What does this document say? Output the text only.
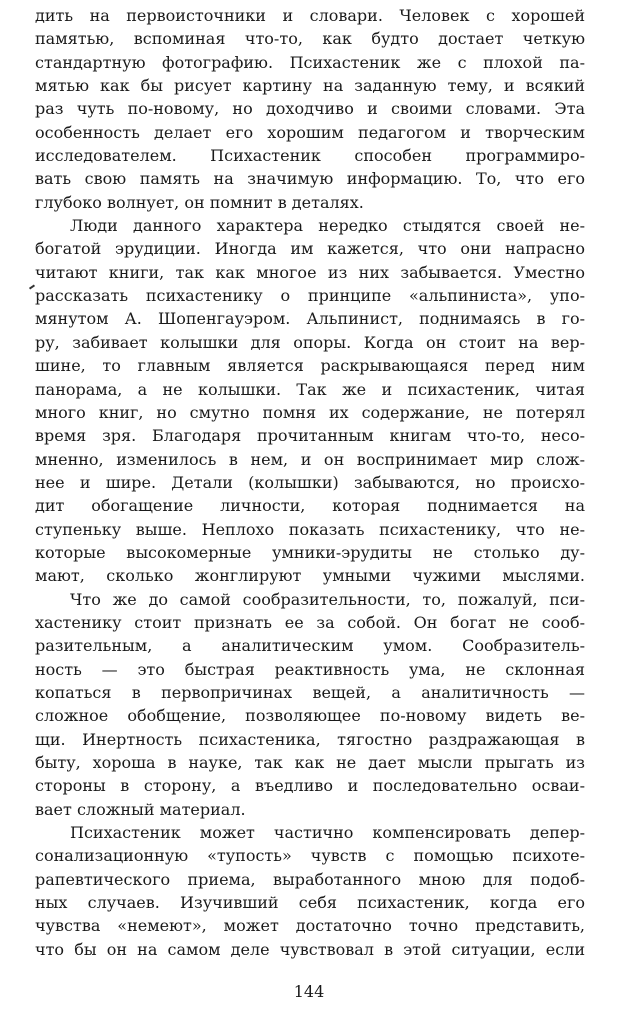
дить на первоисточники и словари. Человек с хорошей
памятью, вспоминая что-то, как будто достает четкую
стандартную фотографию. Психастеник же с плохой па-
мятью как бы рисует картину на заданную тему, и всякий
раз чуть по-новому, но доходчиво и своими словами. Эта
особенность делает его хорошим педагогом и творческим
исследователем. Психастеник способен программиро-
вать свою память на значимую информацию. То, что его
глубоко волнует, он помнит в деталях.
Люди данного характера нередко стыдятся своей не-
богатой эрудиции. Иногда им кажется, что они напрасно
читают книги, так как многое из них забывается. Уместно
рассказать психастенику о принципе «альпиниста», упо-
мянутом А. Шопенгауэром. Альпинист, поднимаясь в го-
ру, забивает колышки для опоры. Когда он стоит на вер-
шине, то главным является раскрывающаяся перед ним
панорама, а не колышки. Так же и психастеник, читая
много книг, но смутно помня их содержание, не потерял
время зря. Благодаря прочитанным книгам что-то, несо-
мненно, изменилось в нем, и он воспринимает мир слож-
нее и шире. Детали (колышки) забываются, но происхо-
дит обогащение личности, которая поднимается на
ступеньку выше. Неплохо показать психастенику, что не-
которые высокомерные умники-эрудиты не столько ду-
мают, сколько жонглируют умными чужими мыслями.
Что же до самой сообразительности, то, пожалуй, пси-
хастенику стоит признать ее за собой. Он богат не сооб-
разительным, а аналитическим умом. Сообразитель-
ность — это быстрая реактивность ума, не склонная
копаться в первопричинах вещей, а аналитичность —
сложное обобщение, позволяющее по-новому видеть ве-
щи. Инертность психастеника, тягостно раздражающая в
быту, хороша в науке, так как не дает мысли прыгать из
стороны в сторону, а въедливо и последовательно осваи-
вает сложный материал.
Психастеник может частично компенсировать депер-
сонализационную «тупость» чувств с помощью психоте-
рапевтического приема, выработанного мною для подоб-
ных случаев. Изучивший себя психастеник, когда его
чувства «немеют», может достаточно точно представить,
что бы он на самом деле чувствовал в этой ситуации, если
144
